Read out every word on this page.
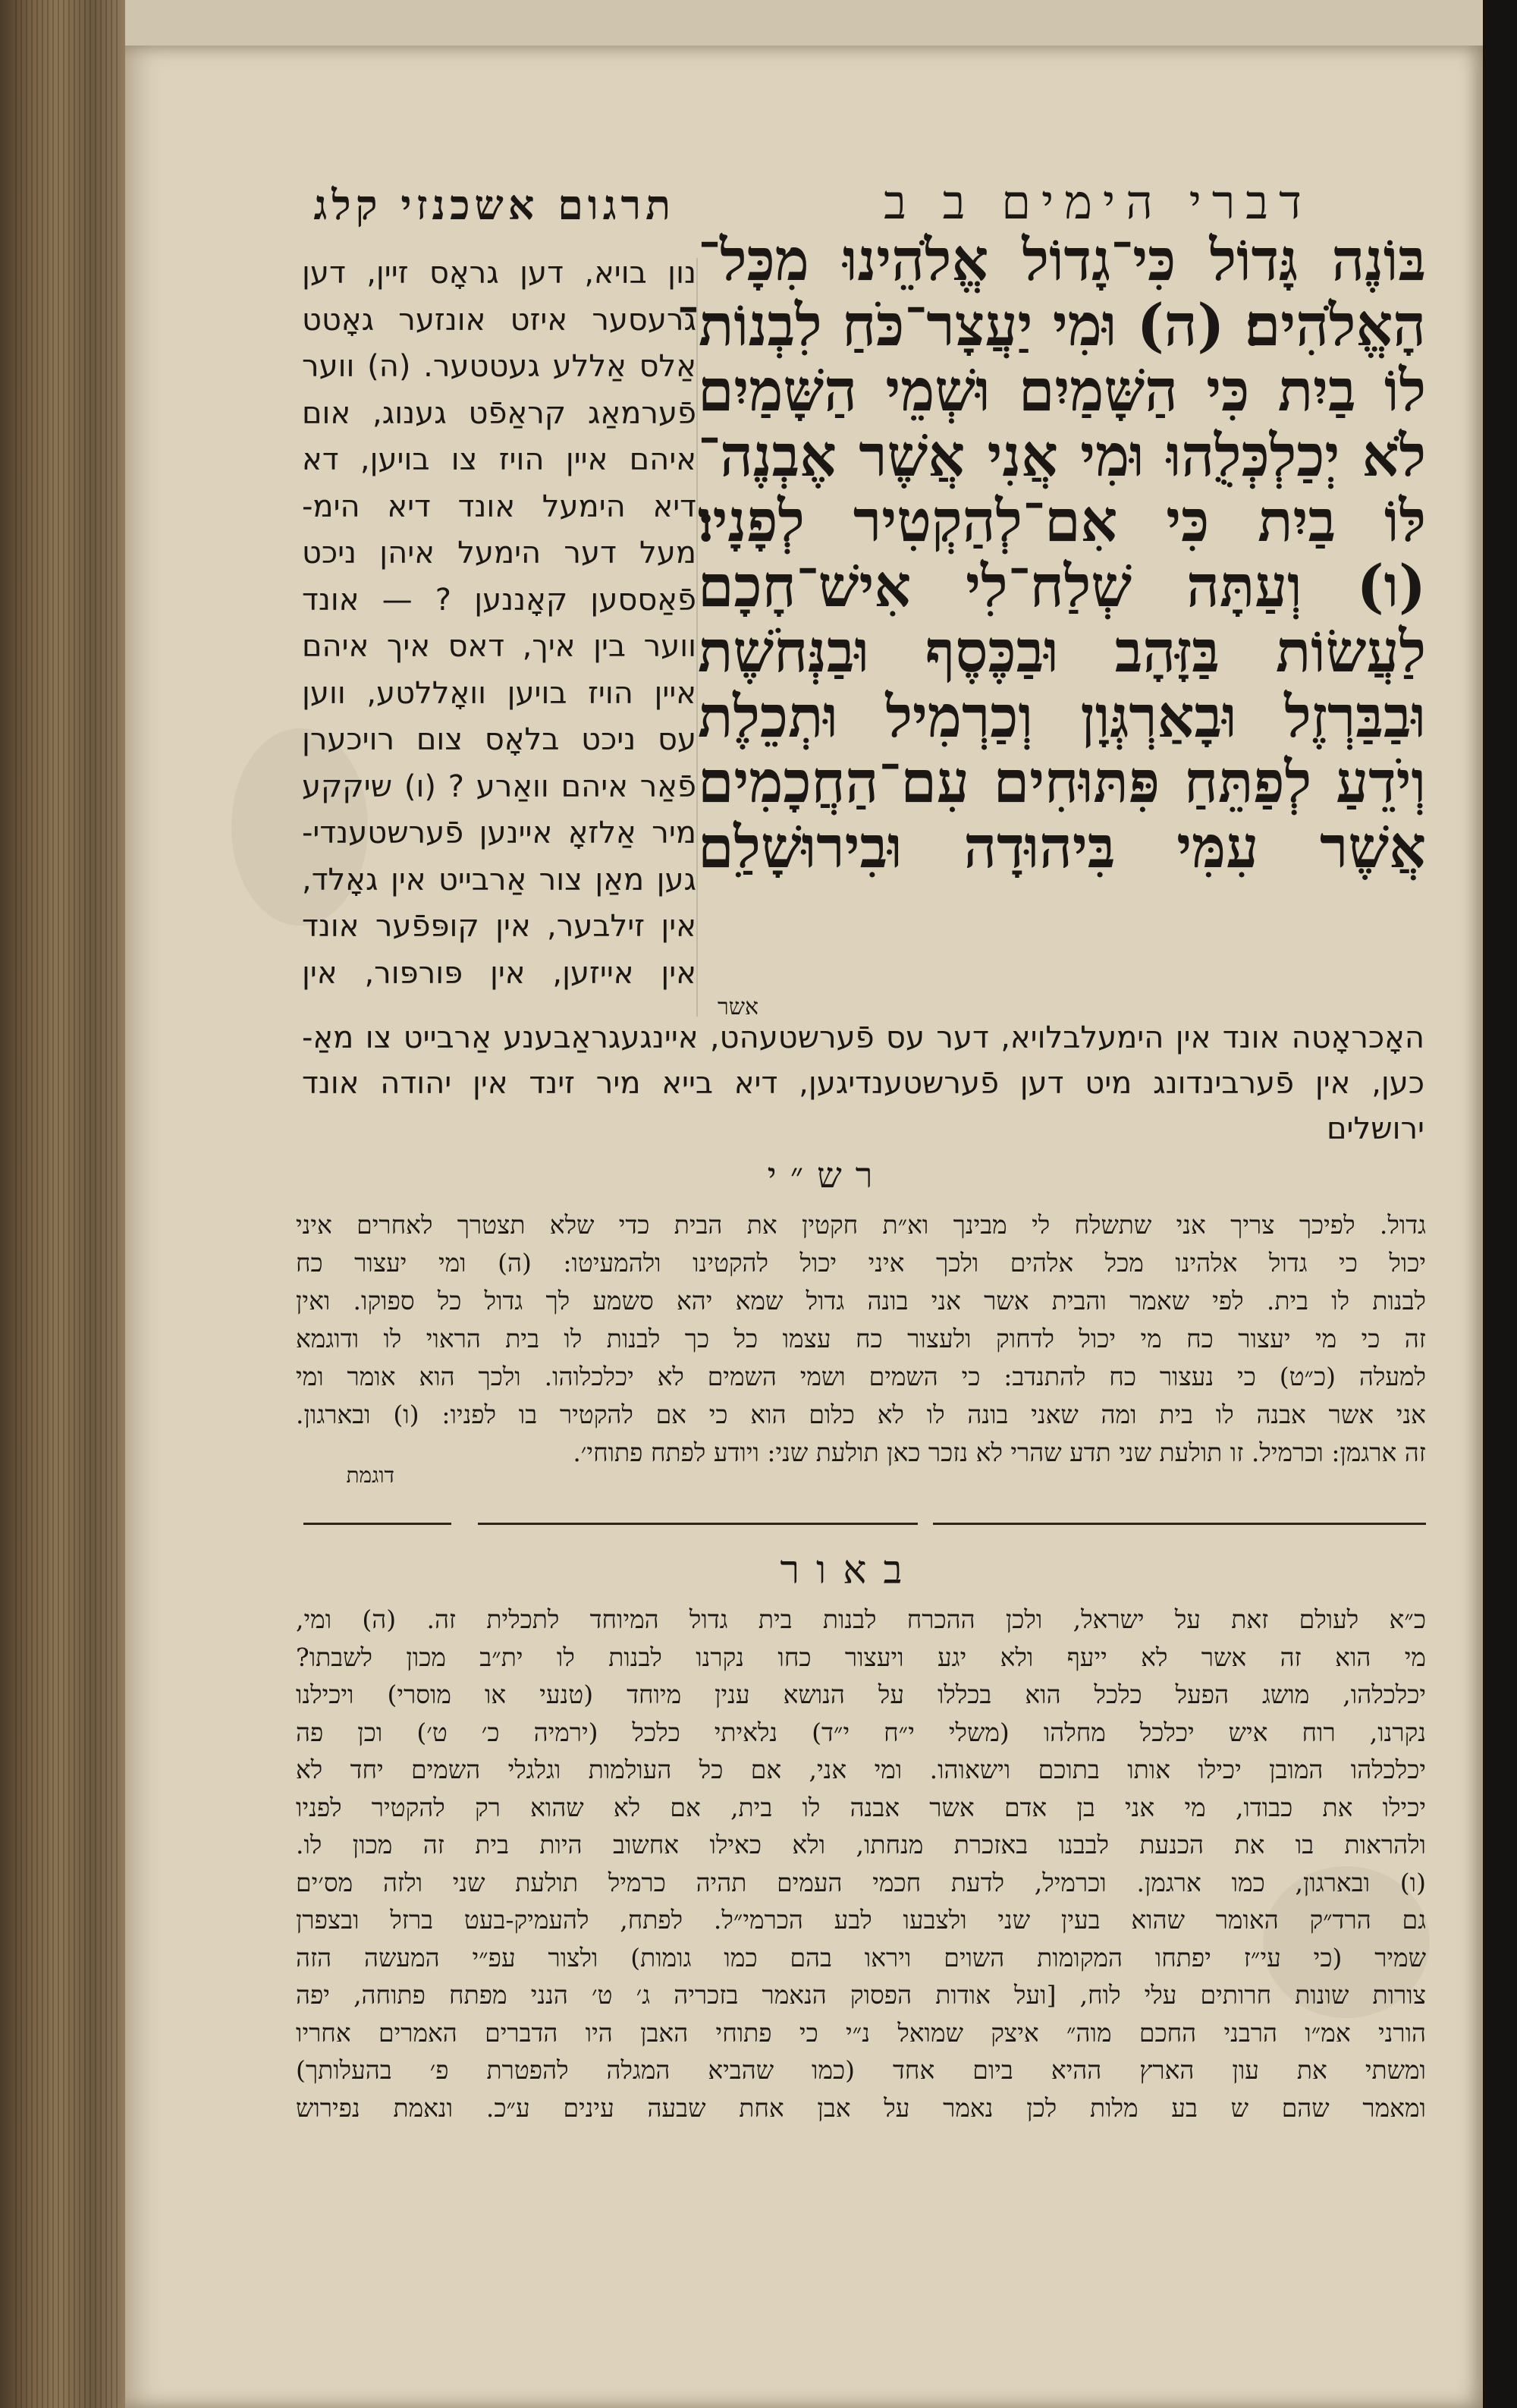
דברי הימים ב ב
תרגום אשכנזי קלג

בּוֹנֶה גָּדוֹל כִּי־גָדוֹל אֱלֹהֵינוּ מִכָּל־

הָאֱלֹהִים׃ (ה) וּמִי יַעֲצָר־כֹּחַ לִבְנוֹת־

לוֹ בַיִת כִּי הַשָּׁמַיִם וּשְׁמֵי הַשָּׁמַיִם

לֹא יְכַלְכְּלֻהוּ וּמִי אֲנִי אֲשֶׁר אֶבְנֶה־

לּוֹ בַיִת כִּי אִם־לְהַקְטִיר לְפָנָיו׃

(ו) וְעַתָּה שְׁלַח־לִי אִישׁ־חָכָם

לַעֲשׂוֹת בַּזָּהָב וּבַכֶּסֶף וּבַנְּחֹשֶׁת

וּבַבַּרְזֶל וּבָאַרְגְּוָן וְכַרְמִיל וּתְכֵלֶת

וְיֹדֵעַ לְפַתֵּחַ פִּתּוּחִים עִם־הַחֲכָמִים

אֲשֶׁר עִמִּי בִּיהוּדָה וּבִירוּשָׁלִַם

אשר

נון בויא, דען גראָס זיין, דען

גרעסער איזט אונזער גאָטט

אַלס אַללע געטטער. (ה) ווער

פֿערמאַג קראַפֿט גענוג, אום

איהם איין הויז צו בויען, דא

דיא הימעל אונד דיא הימ-

מעל דער הימעל איהן ניכט

פֿאַססען קאָננען ? — אונד

ווער בין איך, דאס איך איהם

איין הויז בויען וואָללטע, ווען

עס ניכט בלאָס צום רויכערן

פֿאַר איהם וואַרע ? (ו) שיקקע

מיר אַלזאָ איינען פֿערשטענדי-

גען מאַן צור אַרבייט אין גאָלד,

אין זילבער, אין קופּפֿער אונד

אין אייזען, אין פּורפּור, אין

האָכראָטה אונד אין הימעלבלויא, דער עס פֿערשטעהט, איינגעגראַבענע אַרבייט צו מאַ-

כען, אין פֿערבינדונג מיט דען פֿערשטענדיגען, דיא בייא מיר זינד אין יהודה אונד

ירושלים

רש״י

גדול. לפיכך צריך אני שתשלח לי מבינך וא״ת חקטין את הבית כדי שלא תצטרך לאחרים איני

יכול כי גדול אלהינו מכל אלהים ולכך איני יכול להקטינו ולהמעיטו: (ה) ומי יעצור כח

לבנות לו בית. לפי שאמר והבית אשר אני בונה גדול שמא יהא סשמע לך גדול כל ספוקו. ואין

זה כי מי יעצור כח מי יכול לדחוק ולעצור כח עצמו כל כך לבנות לו בית הראוי לו ודוגמא

למעלה (כ״ט) כי נעצור כח להתנדב: כי השמים ושמי השמים לא יכלכלוהו. ולכך הוא אומר ומי

אני אשר אבנה לו בית ומה שאני בונה לו לא כלום הוא כי אם להקטיר בו לפניו: (ו) ובארגון.

זה ארגמן: וכרמיל. זו תולעת שני תדע שהרי לא נזכר כאן תולעת שני: ויודע לפתח פתוחי׳.

דוגמת
באור

כ״א לעולם זאת על ישראל, ולכן ההכרח לבנות בית גדול המיוחד לתכלית זה. (ה) ומי,

מי הוא זה אשר לא ייעף ולא יגע ויעצור כחו נקרנו לבנות לו ית״ב מכון לשבתו?

יכלכלהו, מושג הפעל כלכל הוא בכללו על הנושא ענין מיוחד (טנעי או מוסרי) ויכילנו

נקרנו, רוח איש יכלכל מחלהו (משלי י״ח י״ד) נלאיתי כלכל (ירמיה כ׳ ט׳) וכן פה

יכלכלהו המובן יכילו אותו בתוכם וישאוהו. ומי אני, אם כל העולמות וגלגלי השמים יחד לא

יכילו את כבודו, מי אני בן אדם אשר אבנה לו בית, אם לא שהוא רק להקטיר לפניו

ולהראות בו את הכנעת לבבנו באזכרת מנחתו, ולא כאילו אחשוב היות בית זה מכון לו.

(ו) ובארגון, כמו ארגמן. וכרמיל, לדעת חכמי העמים תהיה כרמיל תולעת שני ולזה מס׳ים

גם הרד״ק האומר שהוא בעין שני ולצבעו לבע הכרמי״ל. לפתח, להעמיק-בעט ברזל ובצפרן

שמיר (כי עי״ז יפתחו המקומות השוים ויראו בהם כמו גומות) ולצור עפ״י המעשה הזה

צורות שונות חרותים עלי לוח, [ועל אודות הפסוק הנאמר בזכריה ג׳ ט׳ הנני מפתח פתוחה, יפה

הורני אמ״ו הרבני החכם מוה״ איצק שמואל נ״י כי פתוחי האבן היו הדברים האמרים אחריו

ומשתי את עון הארץ ההיא ביום אחד (כמו שהביא המגלה להפטרת פ׳ בהעלותך)

ומאמר שהם ש בע מלות לכן נאמר על אבן אחת שבעה עינים ע״כ. ונאמת נפירוש
